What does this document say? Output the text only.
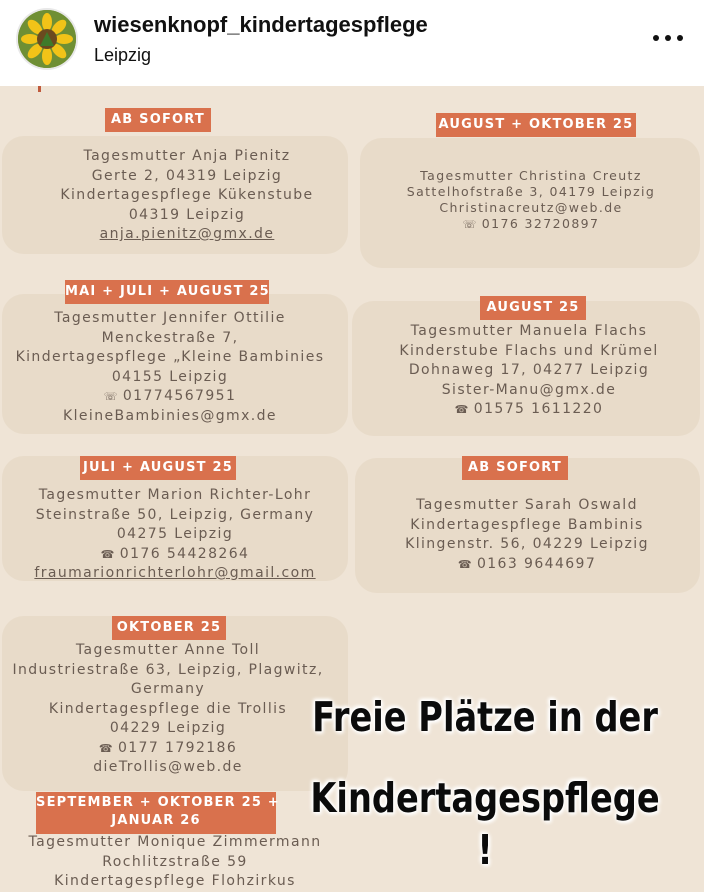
wiesenknopf_kindertagespflege
Leipzig
AB SOFORT
Tagesmutter Anja Pienitz
Gerte 2, 04319 Leipzig
Kindertagespflege Kükenstube
04319 Leipzig
anja.pienitz@gmx.de
AUGUST + OKTOBER 25
Tagesmutter Christina Creutz
Sattelhofstraße 3, 04179 Leipzig
Christinacreutz@web.de
☏ 0176 32720897
MAI + JULI + AUGUST 25
Tagesmutter Jennifer Ottilie
Menckestraße 7,
Kindertagespflege „Kleine Bambinies
04155 Leipzig
☏ 01774567951
KleineBambinies@gmx.de
AUGUST 25
Tagesmutter Manuela Flachs
Kinderstube Flachs und Krümel
Dohnaweg 17, 04277 Leipzig
Sister-Manu@gmx.de
☎ 01575 1611220
JULI + AUGUST 25
Tagesmutter Marion Richter-Lohr
Steinstraße 50, Leipzig, Germany
04275 Leipzig
☎ 0176 54428264
fraumarionrichterlohr@gmail.com
AB SOFORT
Tagesmutter Sarah Oswald
Kindertagespflege Bambinis
Klingenstr. 56, 04229 Leipzig
☎ 0163 9644697
OKTOBER 25
Tagesmutter Anne Toll
Industriestraße 63, Leipzig, Plagwitz,
Germany
Kindertagespflege die Trollis
04229 Leipzig
☎ 0177 1792186
dieTrollis@web.de
SEPTEMBER + OKTOBER 25 +
JANUAR 26
Tagesmutter Monique Zimmermann
Rochlitzstraße 59
Kindertagespflege Flohzirkus
Freie Plätze in der
Kindertagespflege !
